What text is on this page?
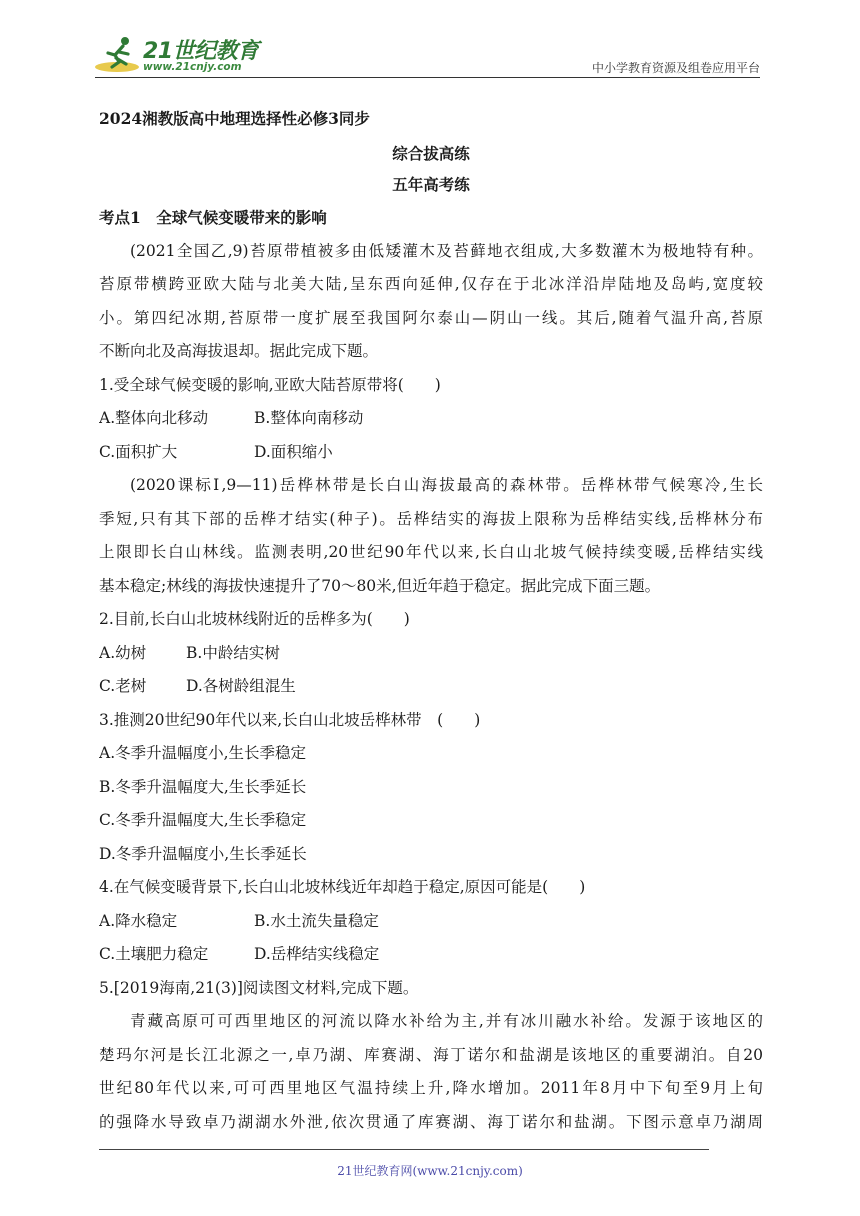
21世纪教育
www.21cnjy.com	中小学教育资源及组卷应用平台
2024湘教版高中地理选择性必修3同步
综合拔高练
五年高考练
考点1　全球气候变暖带来的影响
(2021全国乙,9)苔原带植被多由低矮灌木及苔藓地衣组成,大多数灌木为极地特有种。
苔原带横跨亚欧大陆与北美大陆,呈东西向延伸,仅存在于北冰洋沿岸陆地及岛屿,宽度较
小。第四纪冰期,苔原带一度扩展至我国阿尔泰山—阴山一线。其后,随着气温升高,苔原
不断向北及高海拔退却。据此完成下题。
1.受全球气候变暖的影响,亚欧大陆苔原带将(　　)
A.整体向北移动	B.整体向南移动
C.面积扩大	D.面积缩小
(2020课标Ⅰ,9—11)岳桦林带是长白山海拔最高的森林带。岳桦林带气候寒冷,生长
季短,只有其下部的岳桦才结实(种子)。岳桦结实的海拔上限称为岳桦结实线,岳桦林分布
上限即长白山林线。监测表明,20世纪90年代以来,长白山北坡气候持续变暖,岳桦结实线
基本稳定;林线的海拔快速提升了70～80米,但近年趋于稳定。据此完成下面三题。
2.目前,长白山北坡林线附近的岳桦多为(　　)
A.幼树	B.中龄结实树
C.老树	D.各树龄组混生
3.推测20世纪90年代以来,长白山北坡岳桦林带　(　　)
A.冬季升温幅度小,生长季稳定
B.冬季升温幅度大,生长季延长
C.冬季升温幅度大,生长季稳定
D.冬季升温幅度小,生长季延长
4.在气候变暖背景下,长白山北坡林线近年却趋于稳定,原因可能是(　　)
A.降水稳定	B.水土流失量稳定
C.土壤肥力稳定	D.岳桦结实线稳定
5.[2019海南,21(3)]阅读图文材料,完成下题。
青藏高原可可西里地区的河流以降水补给为主,并有冰川融水补给。发源于该地区的
楚玛尔河是长江北源之一,卓乃湖、库赛湖、海丁诺尔和盐湖是该地区的重要湖泊。自20
世纪80年代以来,可可西里地区气温持续上升,降水增加。2011年8月中下旬至9月上旬
的强降水导致卓乃湖湖水外泄,依次贯通了库赛湖、海丁诺尔和盐湖。下图示意卓乃湖周
21世纪教育网(www.21cnjy.com)
